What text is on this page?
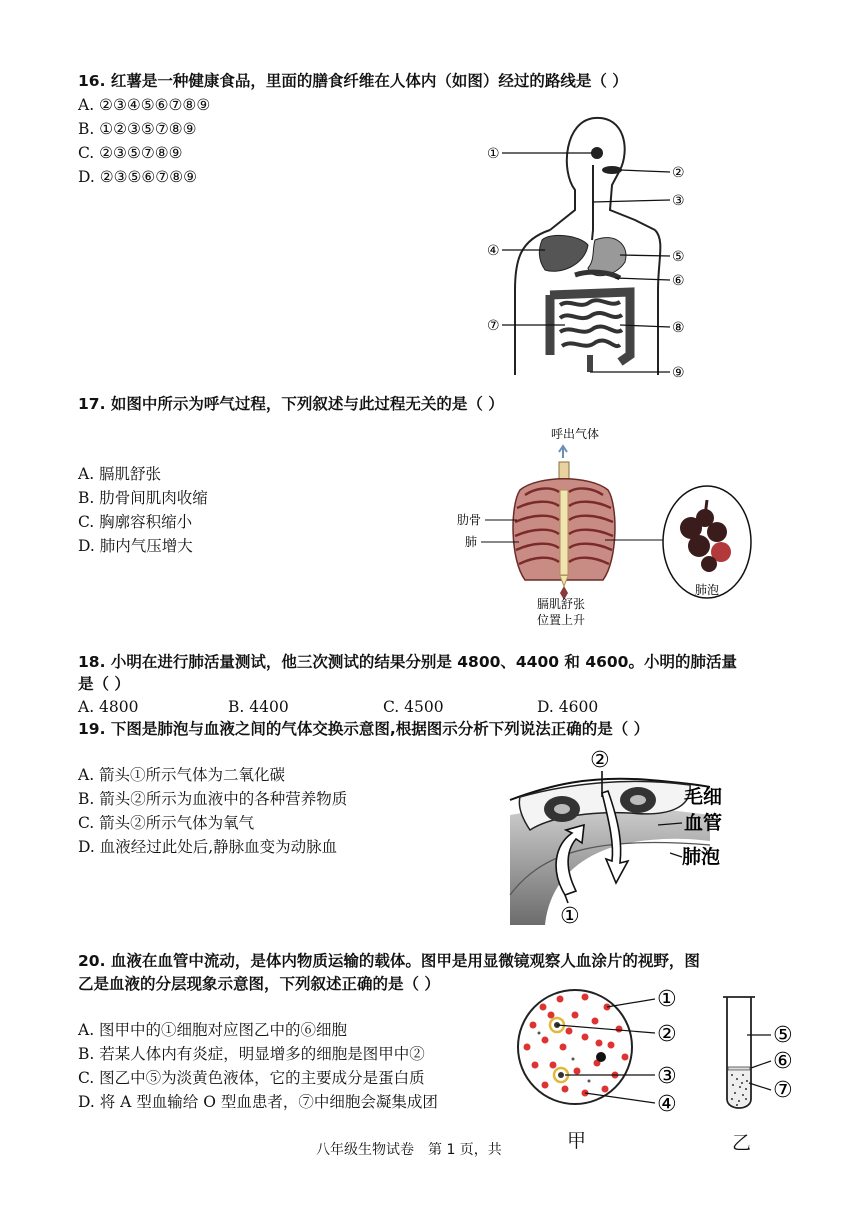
16. 红薯是一种健康食品，里面的膳食纤维在人体内（如图）经过的路线是（ ）
A. ②③④⑤⑥⑦⑧⑨
B. ①②③⑤⑦⑧⑨
C. ②③⑤⑦⑧⑨
D. ②③⑤⑥⑦⑧⑨
①
②
③
④	⑤
⑥
⑦	⑧
⑨
17. 如图中所示为呼气过程，下列叙述与此过程无关的是（ ）
A. 膈肌舒张
B. 肋骨间肌肉收缩
C. 胸廓容积缩小
D. 肺内气压增大
呼出气体
肋骨
肺
膈肌舒张
位置上升
肺泡
18. 小明在进行肺活量测试，他三次测试的结果分别是 4800、4400 和 4600。小明的肺活量
是（ ）
A. 4800	B. 4400	C. 4500	D. 4600
19. 下图是肺泡与血液之间的气体交换示意图,根据图示分析下列说法正确的是（ ）
A. 箭头①所示气体为二氧化碳
B. 箭头②所示为血液中的各种营养物质
C. 箭头②所示气体为氧气
D. 血液经过此处后,静脉血变为动脉血
②
①
毛细
血管
肺泡
20. 血液在血管中流动，是体内物质运输的载体。图甲是用显微镜观察人血涂片的视野，图
乙是血液的分层现象示意图，下列叙述正确的是（ ）
A. 图甲中的①细胞对应图乙中的⑥细胞
B. 若某人体内有炎症，明显增多的细胞是图甲中②
C. 图乙中⑤为淡黄色液体，它的主要成分是蛋白质
D. 将 A 型血输给 O 型血患者，⑦中细胞会凝集成团
①
②
③
④
⑤
⑥
⑦
甲	乙
八年级生物试卷　第 1 页，共
